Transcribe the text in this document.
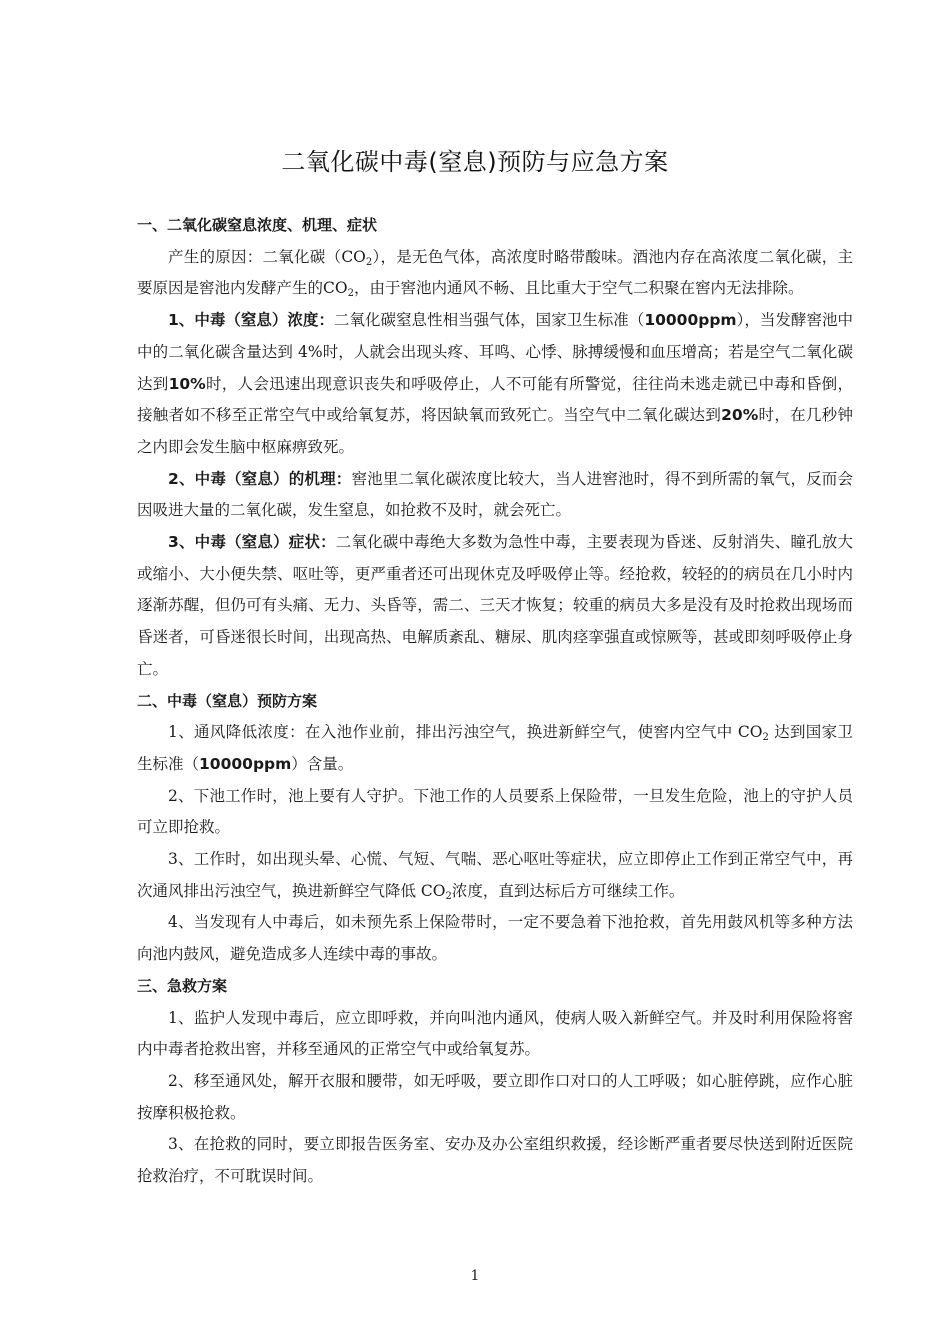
二氧化碳中毒(窒息)预防与应急方案

一、二氧化碳窒息浓度、机理、症状

产生的原因：二氧化碳$(CO_2)$，是无色气体，高浓度时略带酸味。酒池内存在高浓度二氧化碳，主要原因是窖池内发酵产生的$CO_2$，由于窖池内通风不畅、且比重大于空气二积聚在窖内无法排除。

1、中毒（窒息）浓度：二氧化碳窒息性相当强气体，国家卫生标准（10000ppm），当发酵窖池中中的二氧化碳含量达到 4%时，人就会出现头疼、耳鸣、心悸、脉搏缓慢和血压增高；若是空气二氧化碳达到10%时，人会迅速出现意识丧失和呼吸停止，人不可能有所警觉，往往尚未逃走就已中毒和昏倒，接触者如不移至正常空气中或给氧复苏，将因缺氧而致死亡。当空气中二氧化碳达到20%时，在几秒钟之内即会发生脑中枢麻痹致死。

2、中毒（窒息）的机理：窖池里二氧化碳浓度比较大，当人进窖池时，得不到所需的氧气，反而会因吸进大量的二氧化碳，发生窒息，如抢救不及时，就会死亡。

3、中毒（窒息）症状：二氧化碳中毒绝大多数为急性中毒，主要表现为昏迷、反射消失、瞳孔放大或缩小、大小便失禁、呕吐等，更严重者还可出现休克及呼吸停止等。经抢救，较轻的的病员在几小时内逐渐苏醒，但仍可有头痛、无力、头昏等，需二、三天才恢复；较重的病员大多是没有及时抢救出现场而昏迷者，可昏迷很长时间，出现高热、电解质紊乱、糖尿、肌肉痉挛强直或惊厥等，甚或即刻呼吸停止身亡。

二、中毒（窒息）预防方案

1、通风降低浓度：在入池作业前，排出污浊空气，换进新鲜空气，使窖内空气中 $CO_2$ 达到国家卫生标准（10000ppm）含量。

2、下池工作时，池上要有人守护。下池工作的人员要系上保险带，一旦发生危险，池上的守护人员可立即抢救。

3、工作时，如出现头晕、心慌、气短、气喘、恶心呕吐等症状，应立即停止工作到正常空气中，再次通风排出污浊空气，换进新鲜空气降低 $CO_2$浓度，直到达标后方可继续工作。

4、当发现有人中毒后，如未预先系上保险带时，一定不要急着下池抢救，首先用鼓风机等多种方法向池内鼓风，避免造成多人连续中毒的事故。

三、急救方案

1、监护人发现中毒后，应立即呼救，并向叫池内通风，使病人吸入新鲜空气。并及时利用保险将窖内中毒者抢救出窖，并移至通风的正常空气中或给氧复苏。

2、移至通风处，解开衣服和腰带，如无呼吸，要立即作口对口的人工呼吸；如心脏停跳，应作心脏 按摩积极抢救。

3、在抢救的同时，要立即报告医务室、安办及办公室组织救援，经诊断严重者要尽快送到附近医院抢救治疗，不可耽误时间。

1
